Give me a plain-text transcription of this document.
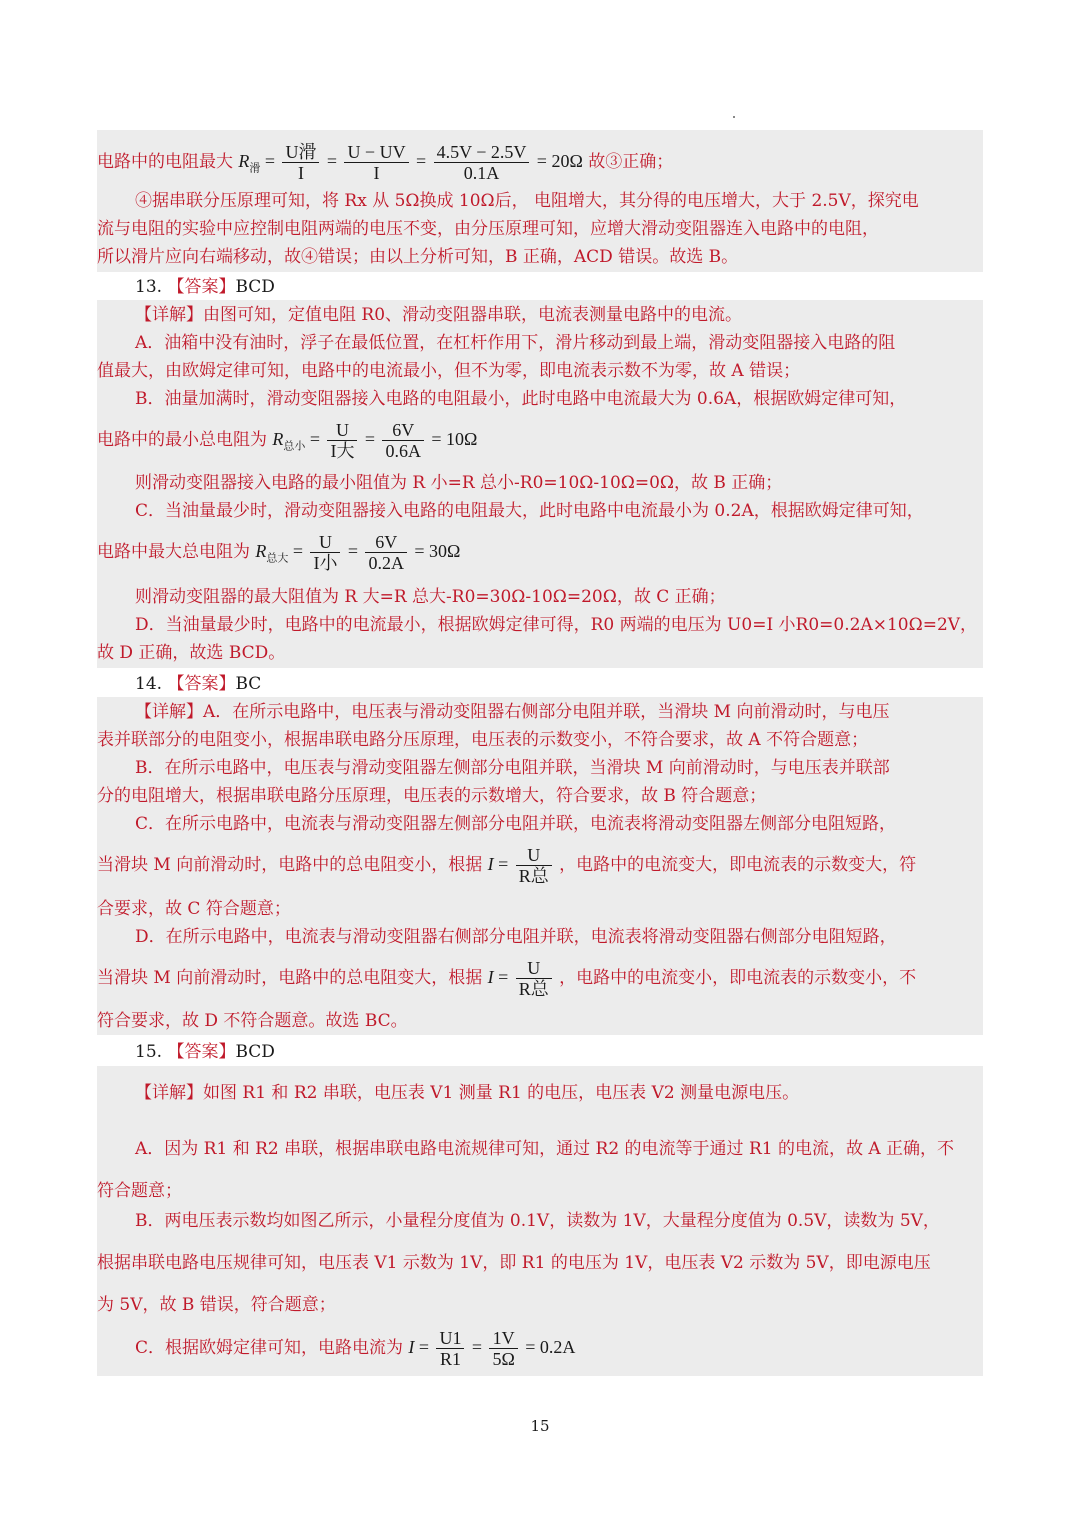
电路中的电阻最大 $R_滑 = \frac{\text{U滑}}{I} = \frac{U - UV}{I} = \frac{4.5V - 2.5V}{0.1A} = 20\Omega$ 故③正确；
④据串联分压原理可知，将 Rx 从 5Ω换成 10Ω后， 电阻增大，其分得的电压增大，大于 2.5V，探究电
流与电阻的实验中应控制电阻两端的电压不变，由分压原理可知，应增大滑动变阻器连入电路中的电阻，
所以滑片应向右端移动，故④错误；由以上分析可知，B 正确，ACD 错误。故选 B。
13. 【答案】BCD
【详解】由图可知，定值电阻 R0、滑动变阻器串联，电流表测量电路中的电流。
A．油箱中没有油时，浮子在最低位置，在杠杆作用下，滑片移动到最上端，滑动变阻器接入电路的阻
值最大，由欧姆定律可知，电路中的电流最小，但不为零，即电流表示数不为零，故 A 错误；
B．油量加满时，滑动变阻器接入电路的电阻最小，此时电路中电流最大为 0.6A，根据欧姆定律可知，
电路中的最小总电阻为 $R_{总小} = \frac{U}{\text{I大}} = \frac{6V}{0.6A} = 10\Omega$
则滑动变阻器接入电路的最小阻值为 R 小=R 总小-R0=10Ω-10Ω=0Ω，故 B 正确；
C．当油量最少时，滑动变阻器接入电路的电阻最大，此时电路中电流最小为 0.2A，根据欧姆定律可知，
电路中最大总电阻为 $R_{总大} = \frac{U}{\text{I小}} = \frac{6V}{0.2A} = 30\Omega$
则滑动变阻器的最大阻值为 R 大=R 总大-R0=30Ω-10Ω=20Ω，故 C 正确；
D．当油量最少时，电路中的电流最小，根据欧姆定律可得，R0 两端的电压为 U0=I 小R0=0.2A×10Ω=2V，
故 D 正确，故选 BCD。
14. 【答案】BC
【详解】A．在所示电路中，电压表与滑动变阻器右侧部分电阻并联，当滑块 M 向前滑动时，与电压
表并联部分的电阻变小，根据串联电路分压原理，电压表的示数变小，不符合要求，故 A 不符合题意；
B．在所示电路中，电压表与滑动变阻器左侧部分电阻并联，当滑块 M 向前滑动时，与电压表并联部
分的电阻增大，根据串联电路分压原理，电压表的示数增大，符合要求，故 B 符合题意；
C．在所示电路中，电流表与滑动变阻器左侧部分电阻并联，电流表将滑动变阻器左侧部分电阻短路，
当滑块 M 向前滑动时，电路中的总电阻变小，根据 $I = \frac{U}{\text{R总}}$ ，电路中的电流变大，即电流表的示数变大，符
合要求，故 C 符合题意；
D．在所示电路中，电流表与滑动变阻器右侧部分电阻并联，电流表将滑动变阻器右侧部分电阻短路，
当滑块 M 向前滑动时，电路中的总电阻变大，根据 $I = \frac{U}{\text{R总}}$ ，电路中的电流变小，即电流表的示数变小，不
符合要求，故 D 不符合题意。故选 BC。
15. 【答案】BCD
【详解】如图 R1 和 R2 串联，电压表 V1 测量 R1 的电压，电压表 V2 测量电源电压。
A．因为 R1 和 R2 串联，根据串联电路电流规律可知，通过 R2 的电流等于通过 R1 的电流，故 A 正确，不
符合题意；
B．两电压表示数均如图乙所示，小量程分度值为 0.1V，读数为 1V，大量程分度值为 0.5V，读数为 5V，
根据串联电路电压规律可知，电压表 V1 示数为 1V，即 R1 的电压为 1V，电压表 V2 示数为 5V，即电源电压
为 5V，故 B 错误，符合题意；
C．根据欧姆定律可知，电路电流为 $I = \frac{U1}{R1} = \frac{1V}{5\Omega} = 0.2A$
15
